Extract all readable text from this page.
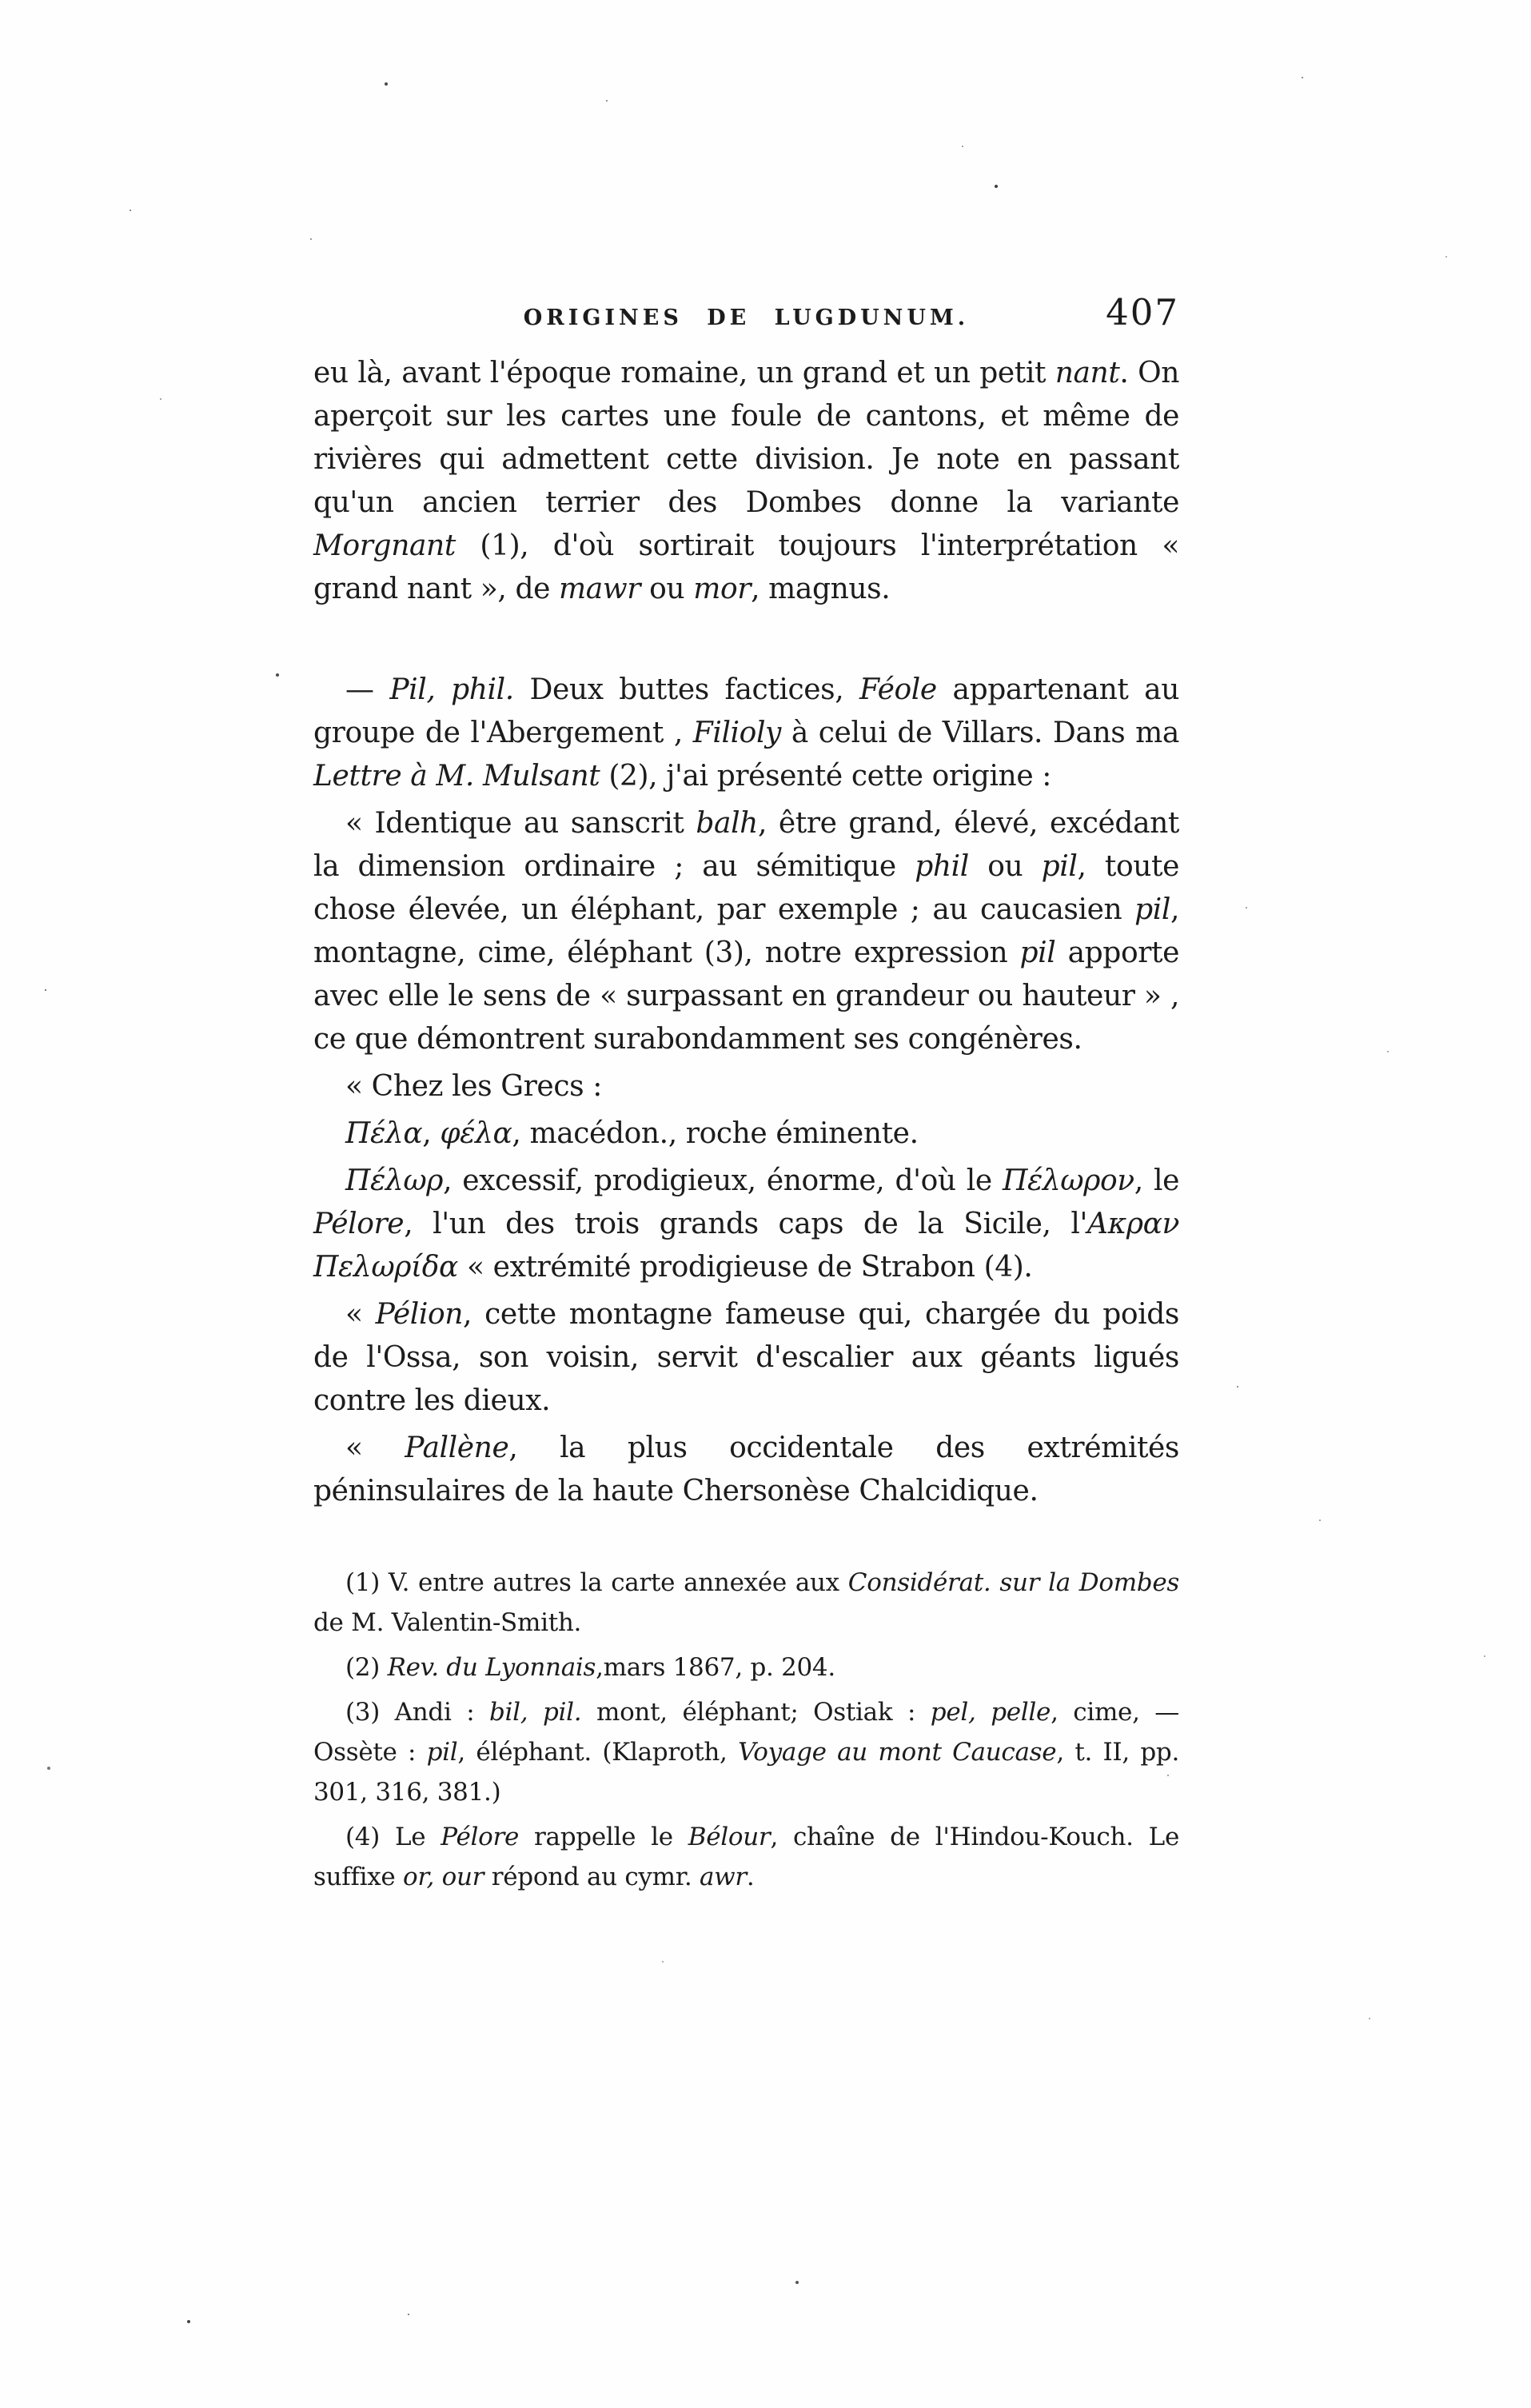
ORIGINES DE LUGDUNUM.	407

eu là, avant l'époque romaine, un grand et un petit nant. On aperçoit sur les cartes une foule de cantons, et même de rivières qui admettent cette division. Je note en passant qu'un ancien terrier des Dombes donne la variante Morgnant (1), d'où sortirait toujours l'interprétation « grand nant », de mawr ou mor, magnus.

— Pil, phil. Deux buttes factices, Féole appartenant au groupe de l'Abergement , Filioly à celui de Villars. Dans ma Lettre à M. Mulsant (2), j'ai présenté cette origine :

« Identique au sanscrit balh, être grand, élevé, excédant la dimension ordinaire ; au sémitique phil ou pil, toute chose élevée, un éléphant, par exemple ; au caucasien pil, montagne, cime, éléphant (3), notre expression pil apporte avec elle le sens de « surpassant en grandeur ou hauteur » , ce que démontrent surabondamment ses congénères.

« Chez les Grecs :

Πέλα, φέλα, macédon., roche éminente.

Πέλωρ, excessif, prodigieux, énorme, d'où le Πέλωρον, le Pélore, l'un des trois grands caps de la Sicile, l'Ακραν Πελωρίδα « extrémité prodigieuse de Strabon (4).

« Pélion, cette montagne fameuse qui, chargée du poids de l'Ossa, son voisin, servit d'escalier aux géants ligués contre les dieux.

« Pallène, la plus occidentale des extrémités péninsulaires de la haute Chersonèse Chalcidique.

(1) V. entre autres la carte annexée aux Considérat. sur la Dombes de M. Valentin-Smith.

(2) Rev. du Lyonnais,mars 1867, p. 204.

(3) Andi : bil, pil. mont, éléphant; Ostiak : pel, pelle, cime, — Ossète : pil, éléphant. (Klaproth, Voyage au mont Caucase, t. II, pp. 301, 316, 381.)

(4) Le Pélore rappelle le Bélour, chaîne de l'Hindou-Kouch. Le suffixe or, our répond au cymr. awr.
